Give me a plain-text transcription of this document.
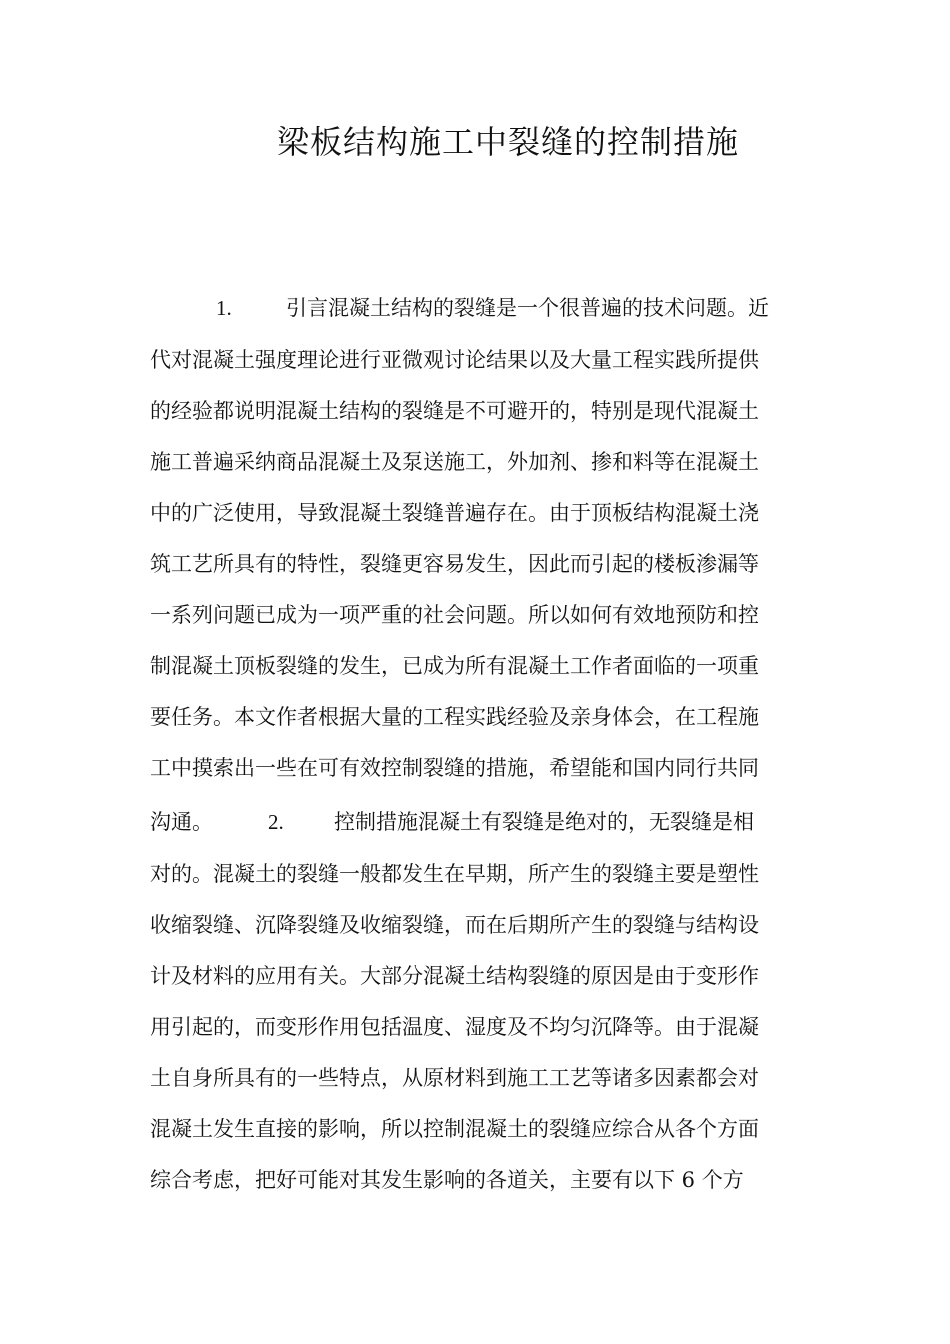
梁板结构施工中裂缝的控制措施
1.	引言混凝土结构的裂缝是一个很普遍的技术问题。近
代对混凝土强度理论进行亚微观讨论结果以及大量工程实践所提供
的经验都说明混凝土结构的裂缝是不可避开的，特别是现代混凝土
施工普遍采纳商品混凝土及泵送施工，外加剂、掺和料等在混凝土
中的广泛使用，导致混凝土裂缝普遍存在。由于顶板结构混凝土浇
筑工艺所具有的特性，裂缝更容易发生，因此而引起的楼板渗漏等
一系列问题已成为一项严重的社会问题。所以如何有效地预防和控
制混凝土顶板裂缝的发生，已成为所有混凝土工作者面临的一项重
要任务。本文作者根据大量的工程实践经验及亲身体会，在工程施
工中摸索出一些在可有效控制裂缝的措施，希望能和国内同行共同
沟通。	2. 控制措施混凝土有裂缝是绝对的，无裂缝是相
对的。混凝土的裂缝一般都发生在早期，所产生的裂缝主要是塑性
收缩裂缝、沉降裂缝及收缩裂缝，而在后期所产生的裂缝与结构设
计及材料的应用有关。大部分混凝土结构裂缝的原因是由于变形作
用引起的，而变形作用包括温度、湿度及不均匀沉降等。由于混凝
土自身所具有的一些特点，从原材料到施工工艺等诸多因素都会对
混凝土发生直接的影响，所以控制混凝土的裂缝应综合从各个方面
综合考虑，把好可能对其发生影响的各道关，主要有以下 6 个方
